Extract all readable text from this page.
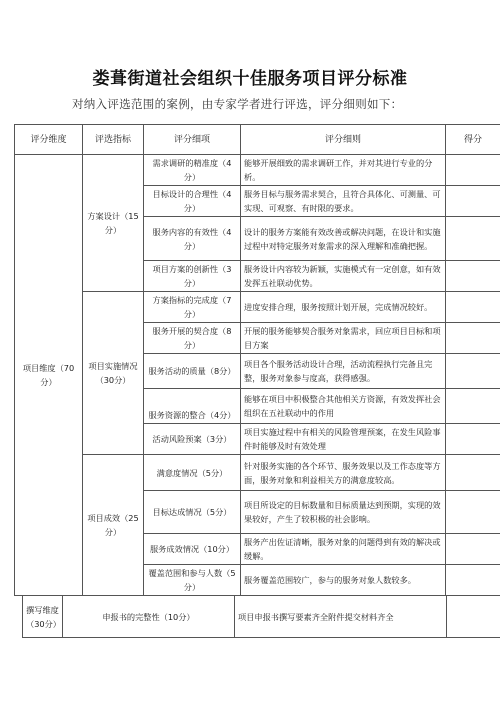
娄葺街道社会组织十佳服务项目评分标准
对纳入评选范围的案例，由专家学者进行评选，评分细则如下：
评分维度	评选指标	评分细项	评分细则	得分
项目维度（70分）	方案设计（15分）	需求调研的精准度（4分）	能够开展细致的需求调研工作，并对其进行专业的分析。	
		目标设计的合理性（4分）	服务目标与服务需求契合，且符合具体化、可测量、可实现、可观察、有时限的要求。	
		服务内容的有效性（4分）	设计的服务方案能有效改善或解决问题，在设计和实施过程中对特定服务对象需求的深入理解和准确把握。	
		项目方案的创新性（3分）	服务设计内容较为新颖，实施模式有一定创意，如有效发挥五社联动优势。	
	项目实施情况（30分）	方案指标的完成度（7分）	进度安排合理，服务按照计划开展，完成情况较好。	
		服务开展的契合度（8分）	开展的服务能够契合服务对象需求，回应项目目标和项目方案	
		服务活动的质量（8分）	项目各个服务活动设计合理，活动流程执行完备且完整，服务对象参与度高，获得感强。	
		服务资源的整合（4分）	能够在项目中积极整合其他相关方资源，有效发挥社会组织在五社联动中的作用	
		活动风险预案（3分）	项目实施过程中有相关的风险管理预案，在发生风险事件时能够及时有效处理	
	项目成效（25分）	满意度情况（5分）	针对服务实施的各个环节、服务效果以及工作态度等方面，服务对象和利益相关方的满意度较高。	
		目标达成情况（5分）	项目所设定的目标数量和目标质量达到预期，实现的效果较好，产生了较积极的社会影响。	
		服务成效情况（10分）	服务产出佐证清晰，服务对象的问题得到有效的解决或缓解。	
		覆盖范围和参与人数（5分）	服务覆盖范围较广，参与的服务对象人数较多。	
撰写维度（30分）	申报书的完整性（10分）	项目申报书撰写要素齐全附件提交材料齐全	
